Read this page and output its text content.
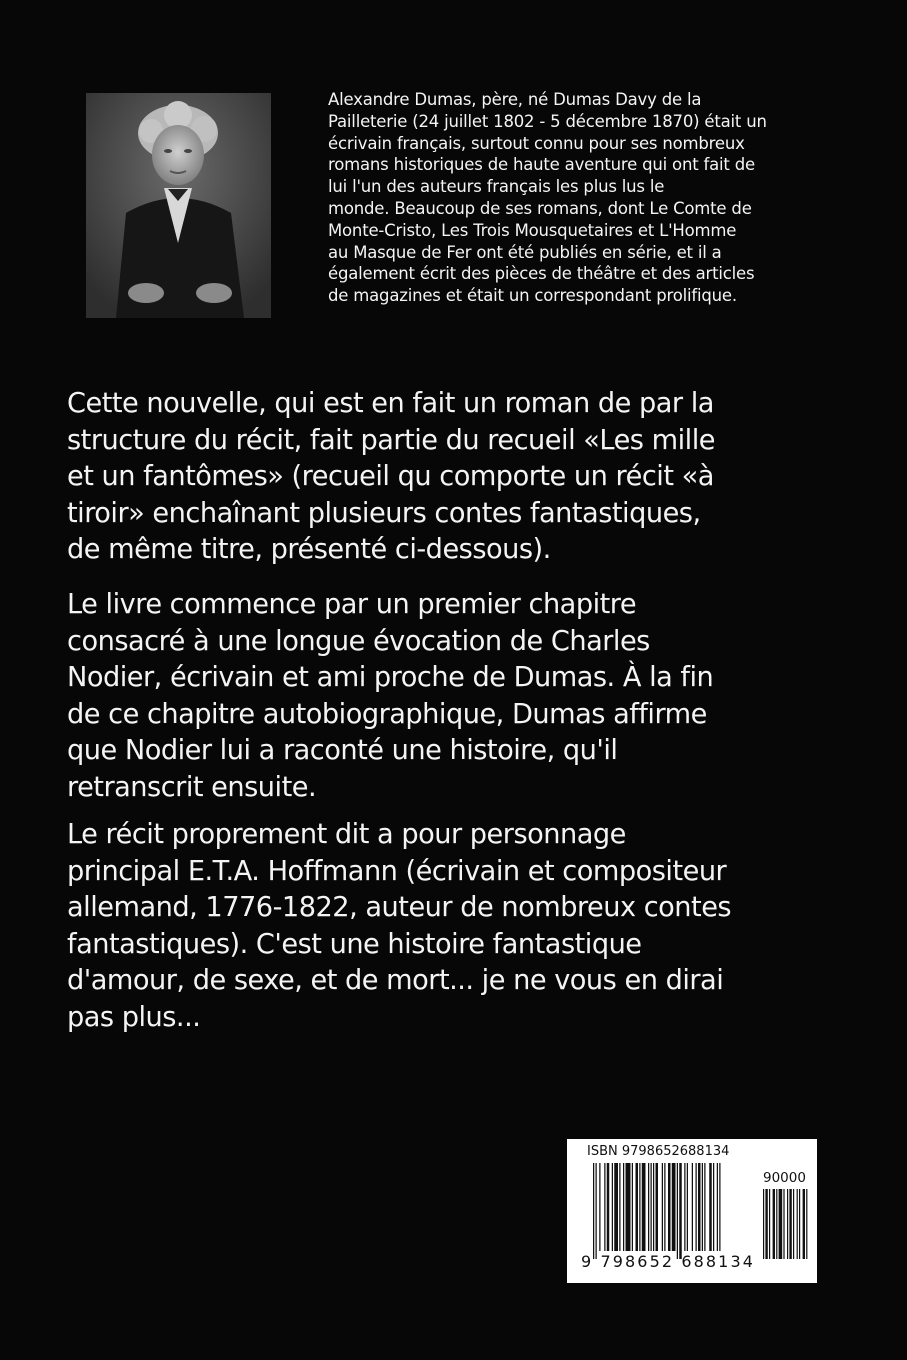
Alexandre Dumas, père, né Dumas Davy de la
Pailleterie (24 juillet 1802 - 5 décembre 1870) était un
écrivain français, surtout connu pour ses nombreux
romans historiques de haute aventure qui ont fait de
lui l'un des auteurs français les plus lus le
monde. Beaucoup de ses romans, dont Le Comte de
Monte-Cristo, Les Trois Mousquetaires et L'Homme
au Masque de Fer ont été publiés en série, et il a
également écrit des pièces de théâtre et des articles
de magazines et était un correspondant prolifique.
Cette nouvelle, qui est en fait un roman de par la
structure du récit, fait partie du recueil «Les mille
et un fantômes» (recueil qu comporte un récit «à
tiroir» enchaînant plusieurs contes fantastiques,
de même titre, présenté ci-dessous).
Le livre commence par un premier chapitre
consacré à une longue évocation de Charles
Nodier, écrivain et ami proche de Dumas. À la fin
de ce chapitre autobiographique, Dumas affirme
que Nodier lui a raconté une histoire, qu'il
retranscrit ensuite.
Le récit proprement dit a pour personnage
principal E.T.A. Hoffmann (écrivain et compositeur
allemand, 1776-1822, auteur de nombreux contes
fantastiques). C'est une histoire fantastique
d'amour, de sexe, et de mort... je ne vous en dirai
pas plus...
ISBN 9798652688134
90000
9 798652 688134
